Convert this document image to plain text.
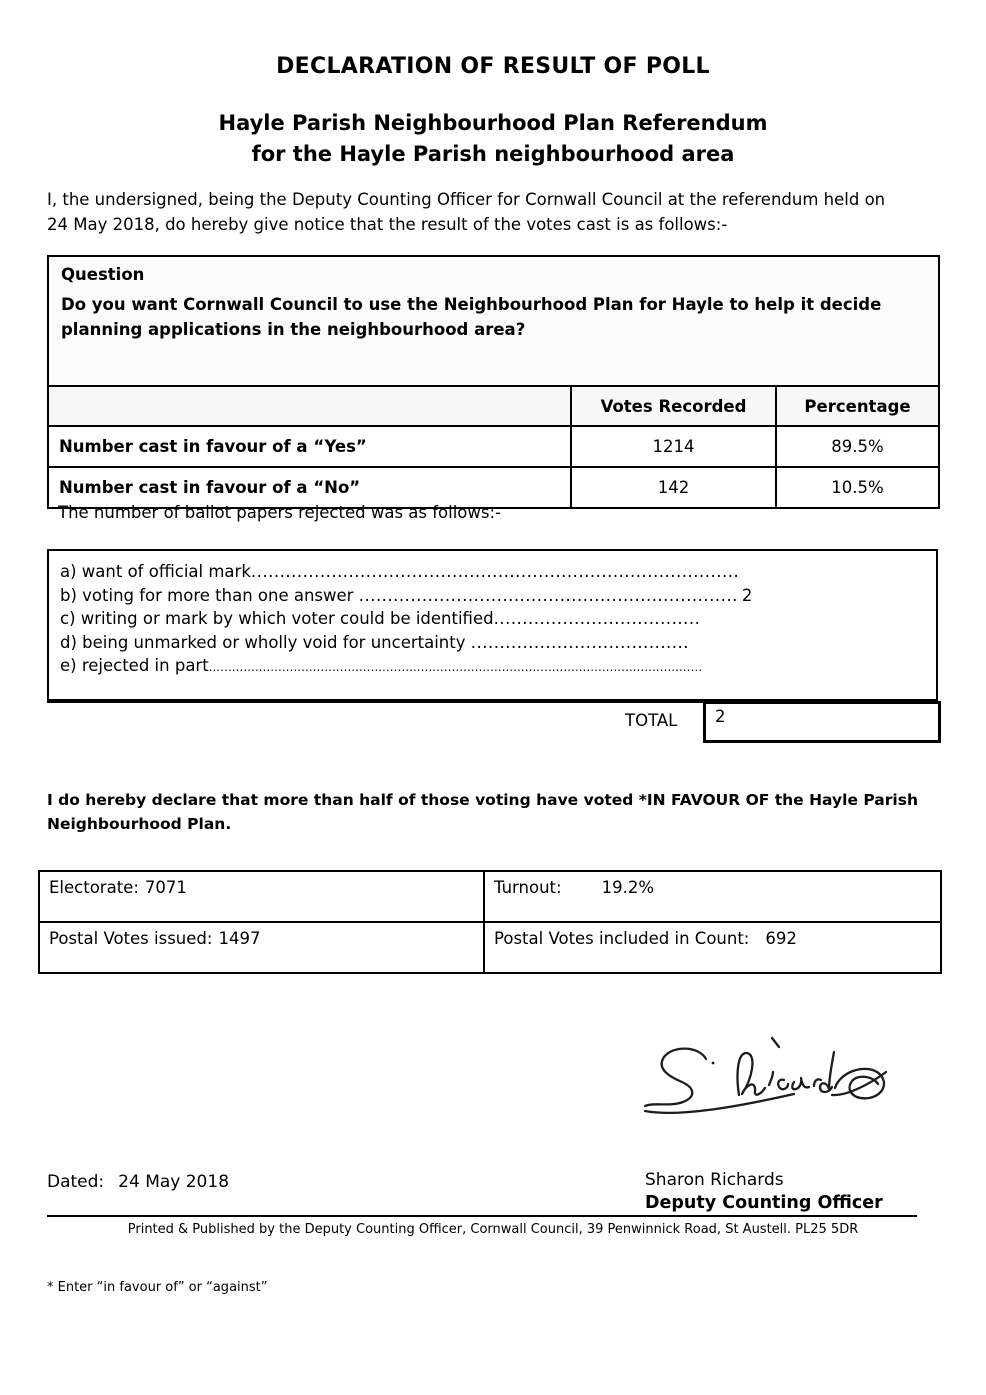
DECLARATION OF RESULT OF POLL
Hayle Parish Neighbourhood Plan Referendum
for the Hayle Parish neighbourhood area
I, the undersigned, being the Deputy Counting Officer for Cornwall Council at the referendum held on 24 May 2018, do hereby give notice that the result of the votes cast is as follows:-
Question
Do you want Cornwall Council to use the Neighbourhood Plan for Hayle to help it decide planning applications in the neighbourhood area?		

	Votes Recorded	Percentage
Number cast in favour of a “Yes”	1214	89.5%
Number cast in favour of a “No”	142	10.5%
The number of ballot papers rejected was as follows:-
a) want of official mark.....................................................................................
b) voting for more than one answer .................................................................. 2
c) writing or mark by which voter could be identified....................................
d) being unmarked or wholly void for uncertainty ......................................
e) rejected in part................................................................................................................................
TOTAL	2
I do hereby declare that more than half of those voting have voted *IN FAVOUR OF the Hayle Parish Neighbourhood Plan.
Electorate: 7071	Turnout: 19.2%
Postal Votes issued: 1497	Postal Votes included in Count: 692
Dated: 24 May 2018	Sharon Richards
Deputy Counting Officer
Printed & Published by the Deputy Counting Officer, Cornwall Council, 39 Penwinnick Road, St Austell. PL25 5DR
* Enter “in favour of” or “against”
